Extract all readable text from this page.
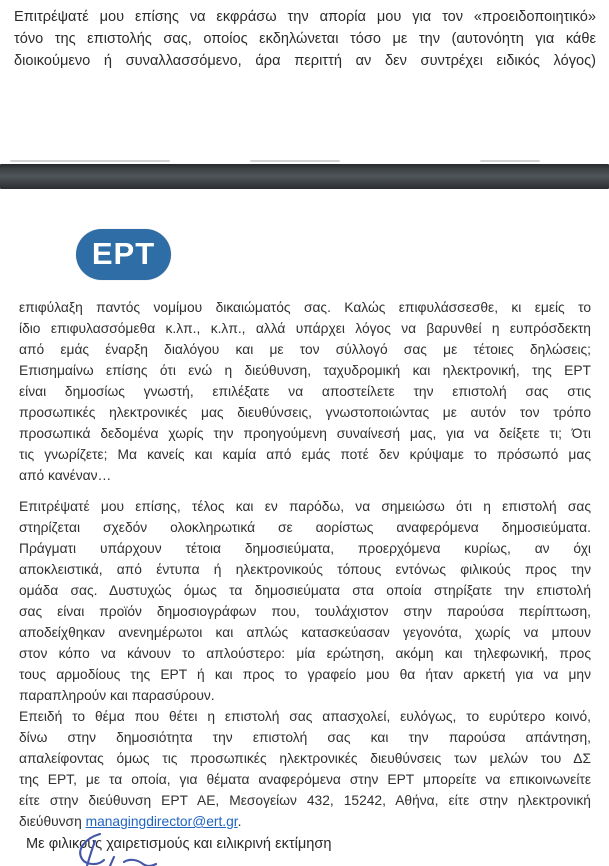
Επιτρέψατέ μου επίσης να εκφράσω την απορία μου για τον «προειδοποιητικό»
τόνο της επιστολής σας, οποίος εκδηλώνεται τόσο με την (αυτονόητη για κάθε
διοικούμενο ή συναλλασσόμενο, άρα περιττή αν δεν συντρέχει ειδικός λόγος)
ΕΡΤ
επιφύλαξη παντός νομίμου δικαιώματός σας. Καλώς επιφυλάσσεσθε, κι εμείς το
ίδιο επιφυλασσόμεθα κ.λπ., κ.λπ., αλλά υπάρχει λόγος να βαρυνθεί η ευπρόσδεκτη
από εμάς έναρξη διαλόγου και με τον σύλλογό σας με τέτοιες δηλώσεις;
Επισημαίνω επίσης ότι ενώ η διεύθυνση, ταχυδρομική και ηλεκτρονική, της ΕΡΤ
είναι δημοσίως γνωστή, επιλέξατε να αποστείλετε την επιστολή σας στις
προσωπικές ηλεκτρονικές μας διευθύνσεις, γνωστοποιώντας με αυτόν τον τρόπο
προσωπικά δεδομένα χωρίς την προηγούμενη συναίνεσή μας, για να δείξετε τι; Ότι
τις γνωρίζετε; Μα κανείς και καμία από εμάς ποτέ δεν κρύψαμε το πρόσωπό μας
από κανέναν…
Επιτρέψατέ μου επίσης, τέλος και εν παρόδω, να σημειώσω ότι η επιστολή σας
στηρίζεται σχεδόν ολοκληρωτικά σε αορίστως αναφερόμενα δημοσιεύματα.
Πράγματι υπάρχουν τέτοια δημοσιεύματα, προερχόμενα κυρίως, αν όχι
αποκλειστικά, από έντυπα ή ηλεκτρονικούς τόπους εντόνως φιλικούς προς την
ομάδα σας. Δυστυχώς όμως τα δημοσιεύματα στα οποία στηρίξατε την επιστολή
σας είναι προϊόν δημοσιογράφων που, τουλάχιστον στην παρούσα περίπτωση,
αποδείχθηκαν ανενημέρωτοι και απλώς κατασκεύασαν γεγονότα, χωρίς να μπουν
στον κόπο να κάνουν το απλούστερο: μία ερώτηση, ακόμη και τηλεφωνική, προς
τους αρμοδίους της ΕΡΤ ή και προς το γραφείο μου θα ήταν αρκετή για να μην
παραπληρούν και παρασύρουν.
Επειδή το θέμα που θέτει η επιστολή σας απασχολεί, ευλόγως, το ευρύτερο κοινό,
δίνω στην δημοσιότητα την επιστολή σας και την παρούσα απάντηση,
απαλείφοντας όμως τις προσωπικές ηλεκτρονικές διευθύνσεις των μελών του ΔΣ
της ΕΡΤ, με τα οποία, για θέματα αναφερόμενα στην ΕΡΤ μπορείτε να επικοινωνείτε
είτε στην διεύθυνση ΕΡΤ ΑΕ, Μεσογείων 432, 15242, Αθήνα, είτε στην ηλεκτρονική
διεύθυνση managingdirector@ert.gr.
Με φιλικούς χαιρετισμούς και ειλικρινή εκτίμηση
